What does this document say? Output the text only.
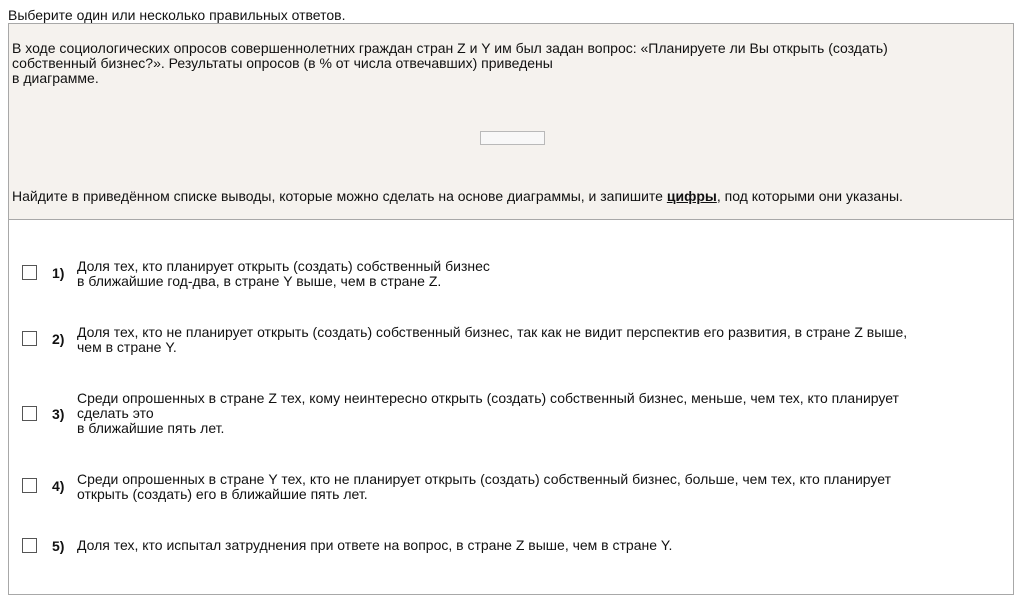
Выберите один или несколько правильных ответов.
В ходе социологических опросов совершеннолетних граждан стран Z и Y им был задан вопрос: «Планируете ли Вы открыть (создать)
собственный бизнес?». Результаты опросов (в % от числа отвечавших) приведены
в диаграмме.
Найдите в приведённом списке выводы, которые можно сделать на основе диаграммы, и запишите цифры, под которыми они указаны.
1) Доля тех, кто планирует открыть (создать) собственный бизнес
в ближайшие год-два, в стране Y выше, чем в стране Z.
2) Доля тех, кто не планирует открыть (создать) собственный бизнес, так как не видит перспектив его развития, в стране Z выше,
чем в стране Y.
3)
Среди опрошенных в стране Z тех, кому неинтересно открыть (создать) собственный бизнес, меньше, чем тех, кто планирует
сделать это
в ближайшие пять лет.
4) Среди опрошенных в стране Y тех, кто не планирует открыть (создать) собственный бизнес, больше, чем тех, кто планирует
открыть (создать) его в ближайшие пять лет.
5) Доля тех, кто испытал затруднения при ответе на вопрос, в стране Z выше, чем в стране Y.
